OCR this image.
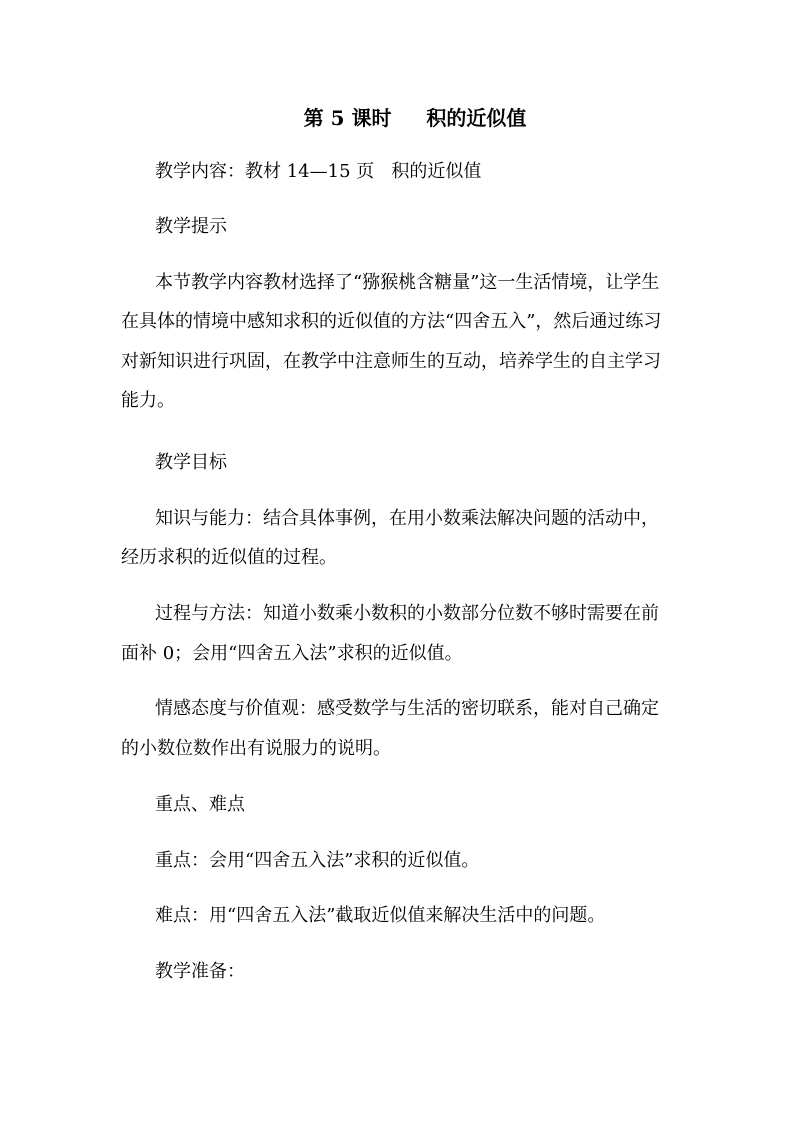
第 5 课时     积的近似值
教学内容：教材 14—15 页   积的近似值
教学提示
本节教学内容教材选择了“猕猴桃含糖量”这一生活情境，让学生
在具体的情境中感知求积的近似值的方法“四舍五入”，然后通过练习
对新知识进行巩固，在教学中注意师生的互动，培养学生的自主学习
能力。
教学目标
知识与能力：结合具体事例，在用小数乘法解决问题的活动中，
经历求积的近似值的过程。
过程与方法：知道小数乘小数积的小数部分位数不够时需要在前
面补 0；会用“四舍五入法”求积的近似值。
情感态度与价值观：感受数学与生活的密切联系，能对自己确定
的小数位数作出有说服力的说明。
重点、难点
重点：会用“四舍五入法”求积的近似值。
难点：用“四舍五入法”截取近似值来解决生活中的问题。
教学准备：
